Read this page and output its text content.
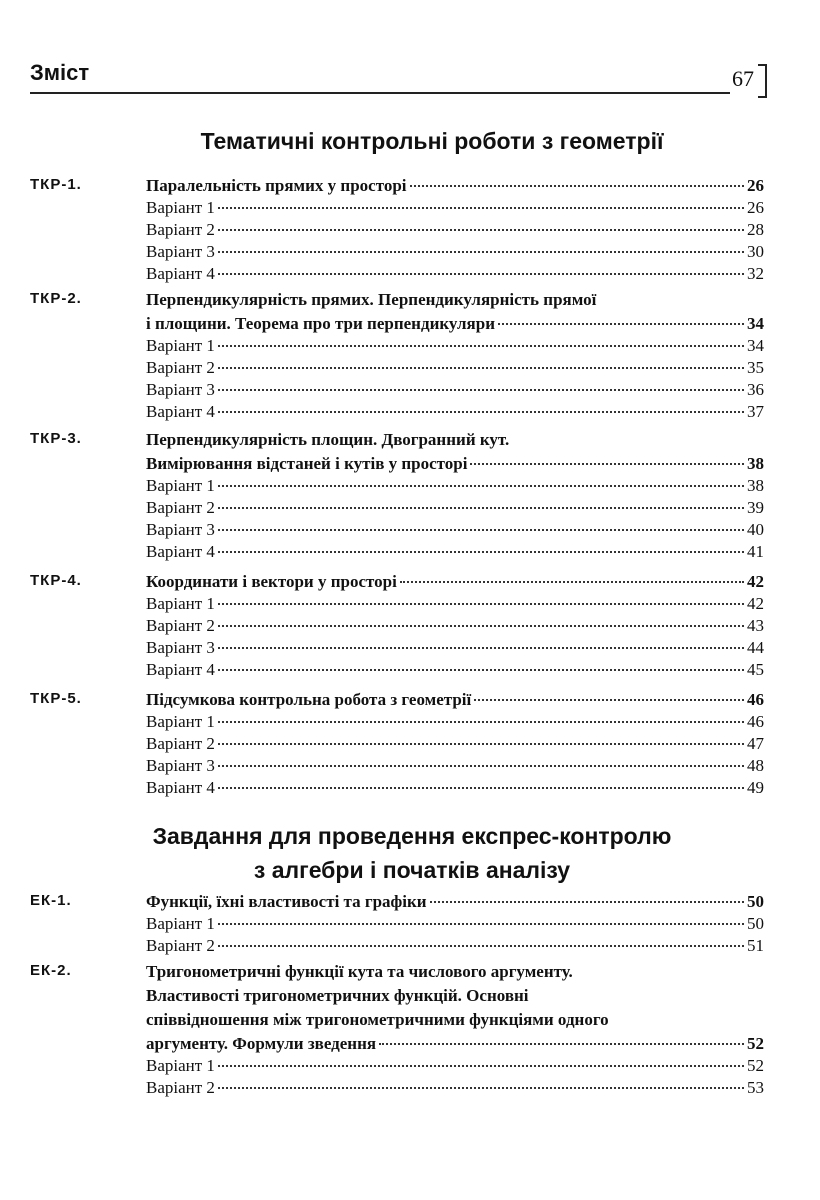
Зміст	67
Тематичні контрольні роботи з геометрії
ТКР-1.	Паралельність прямих у просторі	26
Варіант 1	26
Варіант 2	28
Варіант 3	30
Варіант 4	32
ТКР-2.	Перпендикулярність прямих. Перпендикулярність прямої
і площини. Теорема про три перпендикуляри	34
Варіант 1	34
Варіант 2	35
Варіант 3	36
Варіант 4	37
ТКР-3.	Перпендикулярність площин. Двогранний кут.
Вимірювання відстаней і кутів у просторі	38
Варіант 1	38
Варіант 2	39
Варіант 3	40
Варіант 4	41
ТКР-4.	Координати і вектори у просторі	42
Варіант 1	42
Варіант 2	43
Варіант 3	44
Варіант 4	45
ТКР-5.	Підсумкова контрольна робота з геометрії	46
Варіант 1	46
Варіант 2	47
Варіант 3	48
Варіант 4	49
Завдання для проведення експрес-контролю
з алгебри і початків аналізу
ЕК-1.	Функції, їхні властивості та графіки	50
Варіант 1	50
Варіант 2	51
ЕК-2.	Тригонометричні функції кута та числового аргументу.
Властивості тригонометричних функцій. Основні
співвідношення між тригонометричними функціями одного
аргументу. Формули зведення	52
Варіант 1	52
Варіант 2	53
